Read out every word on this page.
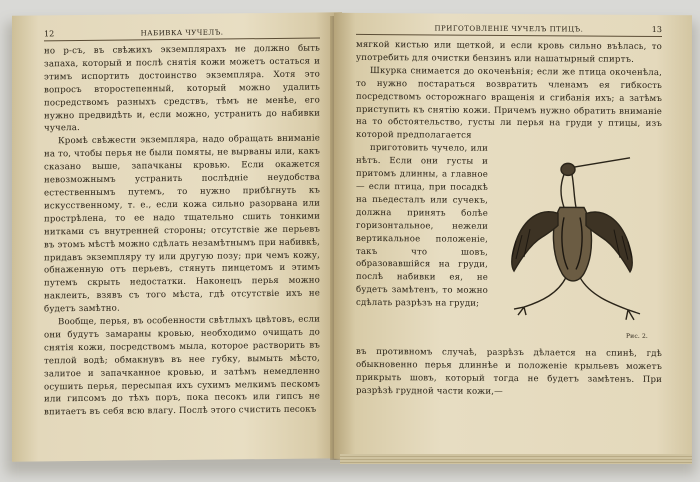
12	НАБИВКА ЧУЧЕЛЪ.

но р-съ, въ свѣжихъ экземплярахъ не должно быть запаха, который и послѣ снятія кожи можетъ остаться и этимъ испортить достоинство экземпляра. Хотя это вопросъ второстепенный, который можно удалить посредствомъ разныхъ средствъ, тѣмъ не менѣе, его нужно предвидѣть и, если можно, устранить до набивки чучела.

Кромѣ свѣжести экземпляра, надо обращать вниманіе на то, чтобы перья не были помяты, не вырваны или, какъ сказано выше, запачканы кровью. Если окажется невозможнымъ устранить послѣдніе неудобства естественнымъ путемъ, то нужно прибѣгнуть къ искусственному, т. е., если кожа сильно разорвана или прострѣлена, то ее надо тщательно сшить тонкими нитками съ внутренней стороны; отсутствіе же перьевъ въ этомъ мѣстѣ можно сдѣлать незамѣтнымъ при набивкѣ, придавъ экземпляру ту или другую позу; при чемъ кожу, обнаженную отъ перьевъ, стянуть пинцетомъ и этимъ путемъ скрыть недостатки. Наконецъ перья можно наклеить, взявъ съ того мѣста, гдѣ отсутствіе ихъ не будетъ замѣтно.

Вообще, перья, въ особенности свѣтлыхъ цвѣтовъ, если они будутъ замараны кровью, необходимо очищать до снятія кожи, посредствомъ мыла, которое растворить въ теплой водѣ; обмакнувъ въ нее губку, вымыть мѣсто, залитое и запачканное кровью, и затѣмъ немедленно осушить перья, пересыпая ихъ сухимъ мелкимъ пескомъ или гипсомъ до тѣхъ поръ, пока песокъ или гипсъ не впитаетъ въ себя всю влагу. Послѣ этого счистить песокъ

ПРИГОТОВЛЕНІЕ ЧУЧЕЛЪ ПТИЦЪ.	13

мягкой кистью или щеткой, и если кровь сильно въѣлась, то употребить для очистки бензинъ или нашатырный спиртъ.

Шкурка снимается до окоченѣнія; если же птица окоченѣла, то нужно постараться возвратить членамъ ея гибкость посредствомъ осторожнаго вращенія и сгибанія ихъ; а затѣмъ приступить къ снятію кожи. Причемъ нужно обратить вниманіе на то обстоятельство, густы ли перья на груди у птицы, изъ которой предполагается

Рис. 2.

приготовить чучело, или нѣтъ. Если они густы и притомъ длинны, а главное — если птица, при посадкѣ на пьедесталъ или сучекъ, должна принять болѣе горизонтальное, нежели вертикальное положеніе, такъ что шовъ, образовавшійся на груди, послѣ набивки ея, не будетъ замѣтенъ, то можно сдѣлать разрѣзъ на груди;

въ противномъ случаѣ, разрѣзъ дѣлается на спинѣ, гдѣ обыкновенно перья длиннѣе и положеніе крыльевъ можетъ прикрыть шовъ, который тогда не будетъ замѣтенъ. При разрѣзѣ грудной части кожи,—
